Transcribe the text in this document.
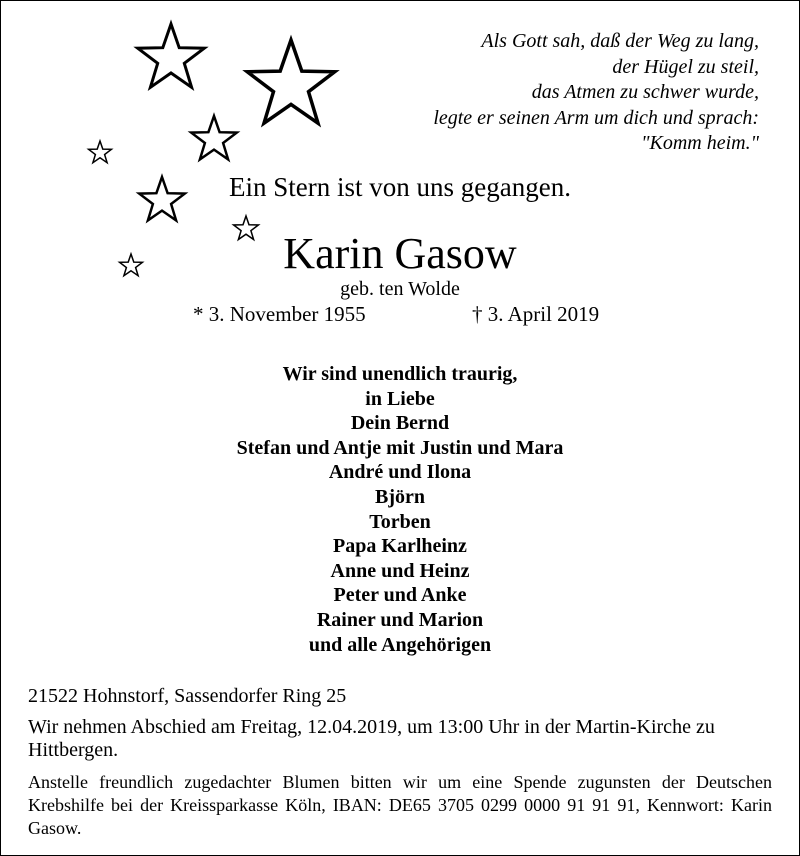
Als Gott sah, daß der Weg zu lang,
der Hügel zu steil,
das Atmen zu schwer wurde,
legte er seinen Arm um dich und sprach:
"Komm heim."
Ein Stern ist von uns gegangen.
Karin Gasow
geb. ten Wolde
* 3. November 1955	† 3. April 2019
Wir sind unendlich traurig,
in Liebe
Dein Bernd
Stefan und Antje mit Justin und Mara
André und Ilona
Björn
Torben
Papa Karlheinz
Anne und Heinz
Peter und Anke
Rainer und Marion
und alle Angehörigen
21522 Hohnstorf, Sassendorfer Ring 25
Wir nehmen Abschied am Freitag, 12.04.2019, um 13:00 Uhr in der Martin-Kirche zu Hittbergen.
Anstelle freundlich zugedachter Blumen bitten wir um eine Spende zugunsten der Deutschen Krebshilfe bei der Kreissparkasse Köln, IBAN: DE65 3705 0299 0000 91 91 91, Kennwort: Karin Gasow.
